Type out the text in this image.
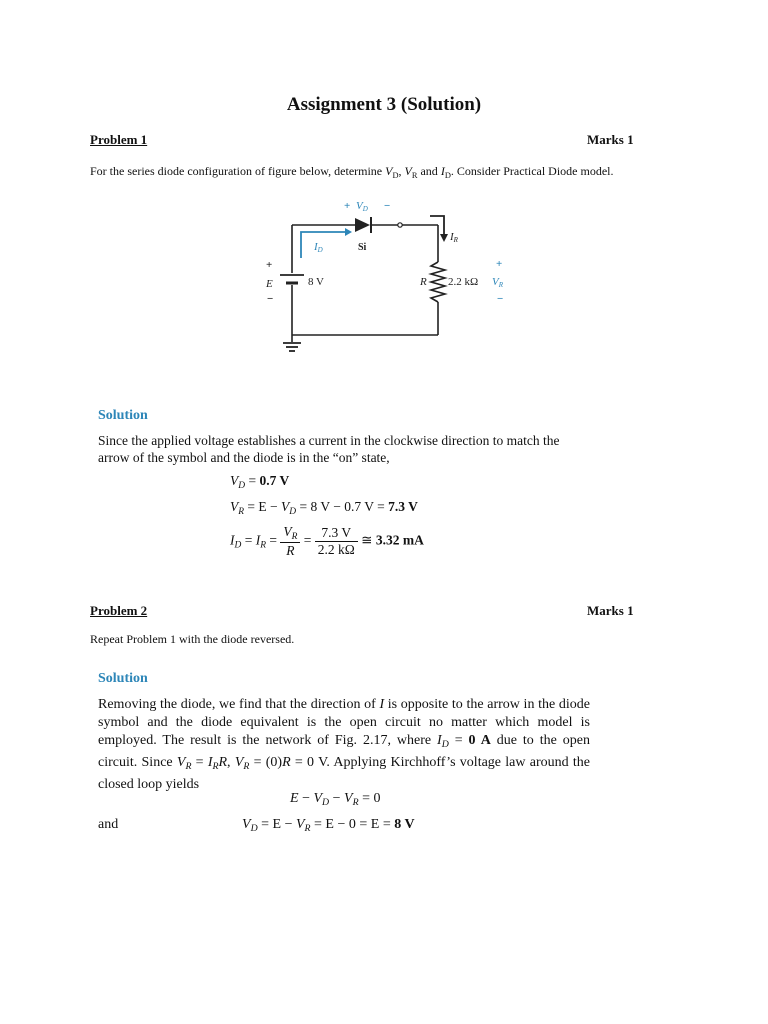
Assignment 3 (Solution)
Problem 1	Marks 1
For the series diode configuration of figure below, determine $V_D$, $V_R$ and $I_D$. Consider Practical Diode model.
+ VD −
Si
ID
IR
+
E
−
8 V	R 2.2 kΩ
+
VR
−
Solution
Since the applied voltage establishes a current in the clockwise direction to match the arrow of the symbol and the diode is in the “on” state,
$V_D = 0.7$ V
$V_R = E - V_D = 8$ V − 0.7 V = 7.3 V
$I_D = I_R = \frac{V_R}{R} = \frac{7.3 V}{2.2 k\Omega}$ ≅ 3.32 mA
Problem 2	Marks 1
Repeat Problem 1 with the diode reversed.
Solution
Removing the diode, we find that the direction of I is opposite to the arrow in the diode symbol and the diode equivalent is the open circuit no matter which model is employed. The result is the network of Fig. 2.17, where $I_D = 0$ A due to the open circuit. Since $V_R = I_RR$, $V_R = (0)R = 0$ V. Applying Kirchhoff’s voltage law around the closed loop yields
$E - V_D - V_R = 0$
and	$V_D = E - V_R = E - 0 = E = 8$ V
